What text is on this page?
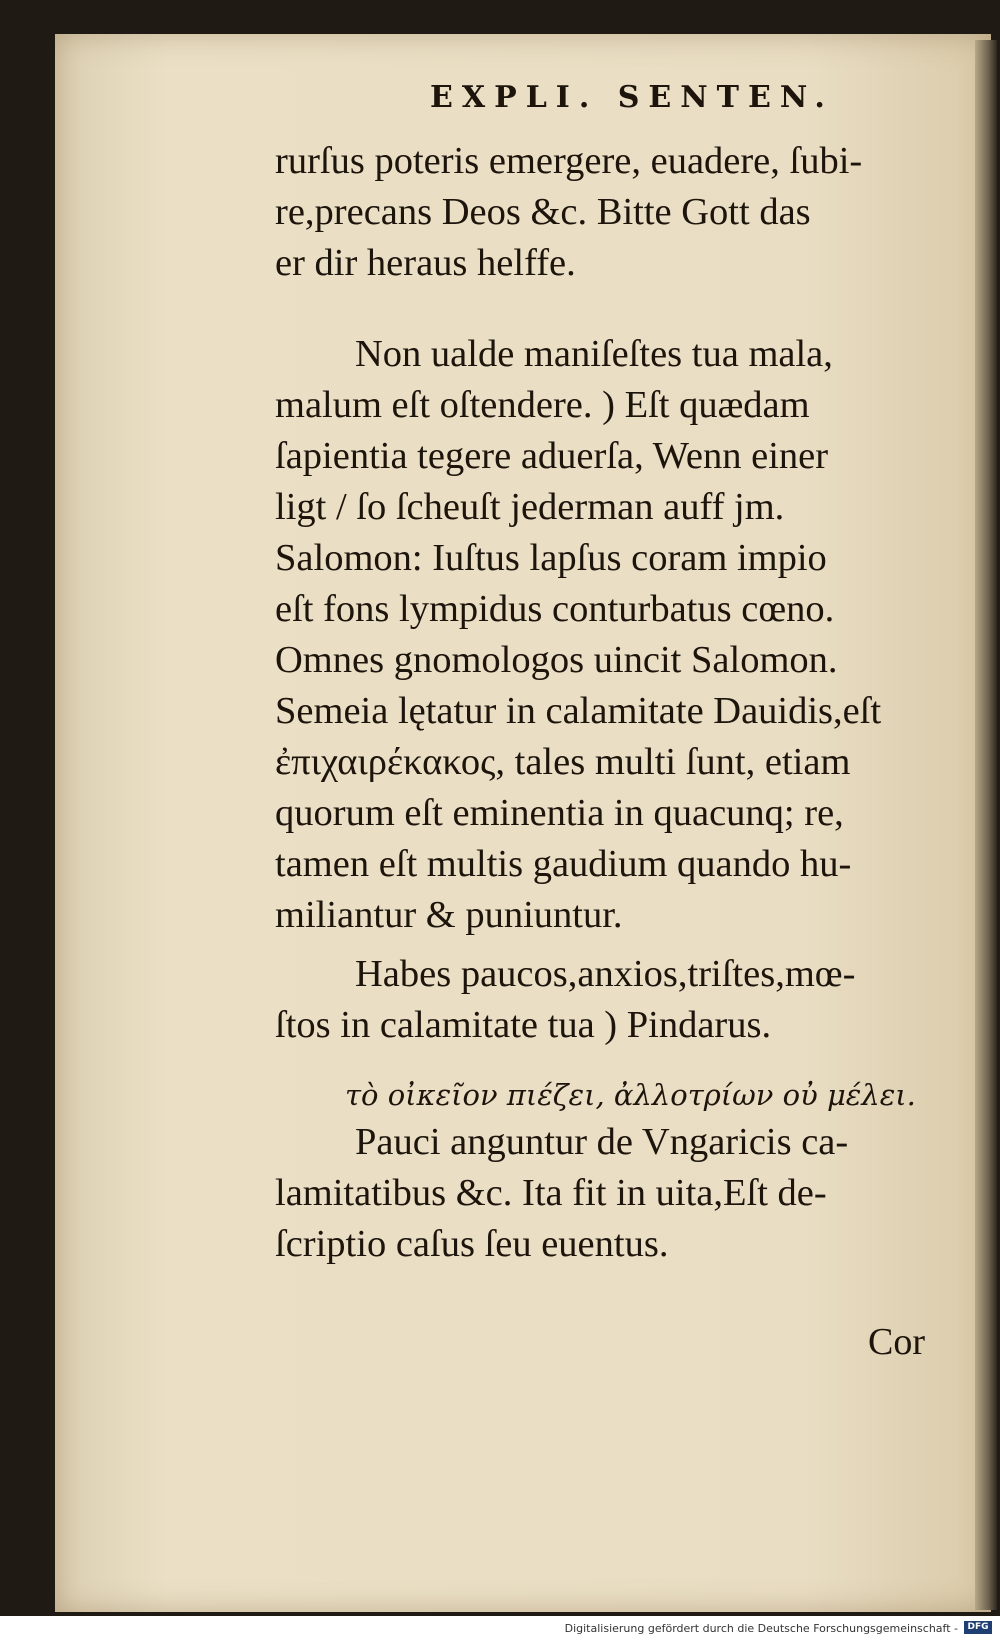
EXPLI. SENTEN.
rurſus poteris emergere, euadere, ſubi-
re,precans Deos &c. Bitte Gott das
er dir heraus helffe.
Non ualde maniſeſtes tua mala,
malum eſt oſtendere. ) Eſt quædam
ſapientia tegere aduerſa, Wenn einer
ligt / ſo ſcheuſt jederman auff jm.
Salomon: Iuſtus lapſus coram impio
eſt fons lympidus conturbatus cœno.
Omnes gnomologos uincit Salomon.
Semeia lętatur in calamitate Dauidis,eſt
ἐπιχαιρέκακος, tales multi ſunt, etiam
quorum eſt eminentia in quacunq; re,
tamen eſt multis gaudium quando hu-
miliantur & puniuntur.
Habes paucos,anxios,triſtes,mœ-
ſtos in calamitate tua ) Pindarus.
τὸ οἰκεῖον πιέζει, ἀλλοτρίων οὐ μέλει.
Pauci anguntur de Vngaricis ca-
lamitatibus &c. Ita fit in uita,Eſt de-
ſcriptio caſus ſeu euentus.
Cor
Digitalisierung gefördert durch die Deutsche Forschungsgemeinschaft -	DFG
